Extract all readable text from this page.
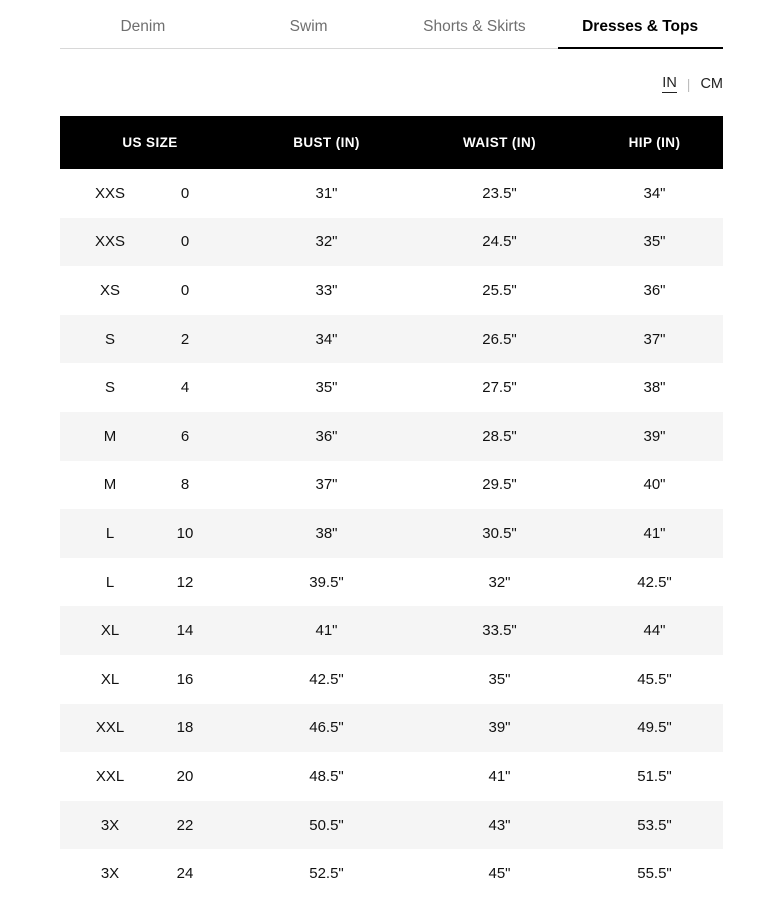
Denim	Swim	Shorts & Skirts	Dresses & Tops
IN | CM
US SIZE	BUST (IN)	WAIST (IN)	HIP (IN)

XXS 0	31"	23.5"	34"

XXS 0	32"	24.5"	35"

XS 0	33"	25.5"	36"

S 2	34"	26.5"	37"

S 4	35"	27.5"	38"

M 6	36"	28.5"	39"

M 8	37"	29.5"	40"

L 10	38"	30.5"	41"

L 12	39.5"	32"	42.5"

XL 14	41"	33.5"	44"

XL 16	42.5"	35"	45.5"

XXL 18	46.5"	39"	49.5"

XXL 20	48.5"	41"	51.5"

3X 22	50.5"	43"	53.5"

3X 24	52.5"	45"	55.5"
